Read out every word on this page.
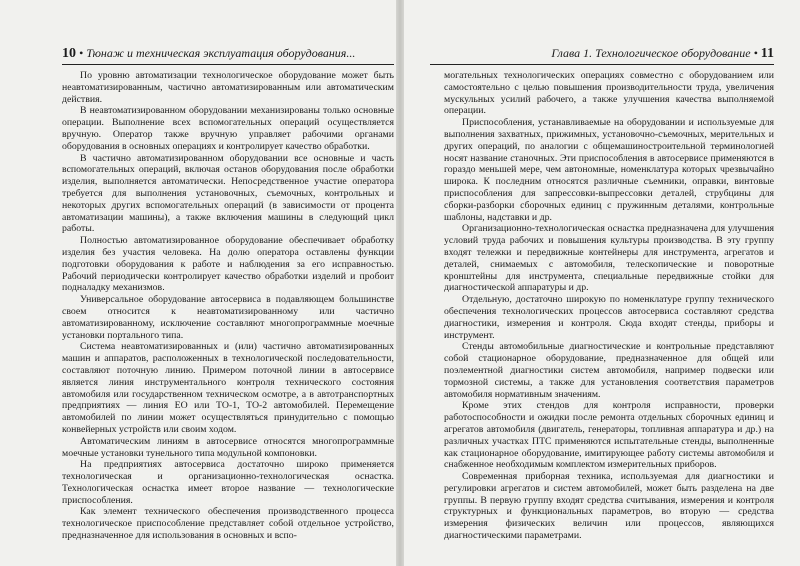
10 • Тюнаж и техническая эксплуатация оборудования...

По уровню автоматизации технологическое оборудование может быть неавтоматизированным, частично автоматизированным или автоматическим действия.

В неавтоматизированном оборудовании механизированы только основные операции. Выполнение всех вспомогательных операций осуществляется вручную. Оператор также вручную управляет рабочими органами оборудования в основных операциях и контролирует качество обработки.

В частично автоматизированном оборудовании все основные и часть вспомогательных операций, включая останов оборудования после обработки изделия, выполняется автоматически. Непосредственное участие оператора требуется для выполнения установочных, съемочных, контрольных и некоторых других вспомогательных операций (в зависимости от процента автоматизации машины), а также включения машины в следующий цикл работы.

Полностью автоматизированное оборудование обеспечивает обработку изделия без участия человека. На долю оператора оставлены функции подготовки оборудования к работе и наблюдения за его исправностью. Рабочий периодически контролирует качество обработки изделий и пробоит подналадку механизмов.

Универсальное оборудование автосервиса в подавляющем большинстве своем относится к неавтоматизированному или частично автоматизированному, исключение составляют многопрограммные моечные установки портального типа.

Система неавтоматизированных и (или) частично автоматизированных машин и аппаратов, расположенных в технологической последовательности, составляют поточную линию. Примером поточной линии в автосервисе является линия инструментального контроля технического состояния автомобиля или государственном техническом осмотре, а в автотранспортных предприятиях — линия ЕО или ТО-1, ТО-2 автомобилей. Перемещение автомобилей по линии может осуществляться принудительно с помощью конвейерных устройств или своим ходом.

Автоматическим линиям в автосервисе относятся многопрограммные моечные установки тунельного типа модульной компоновки.

На предприятиях автосервиса достаточно широко применяется технологическая и организационно-технологическая оснастка. Технологическая оснастка имеет второе название — технологические приспособления.

Как элемент технического обеспечения производственного процесса технологическое приспособление представляет собой отдельное устройство, предназначенное для использования в основных и вспо-

Глава 1. Технологическое оборудование • 11

могательных технологических операциях совместно с оборудованием или самостоятельно с целью повышения производительности труда, увеличения мускульных усилий рабочего, а также улучшения качества выполняемой операции.

Приспособления, устанавливаемые на оборудовании и используемые для выполнения захватных, прижимных, установочно-съемочных, мерительных и других операций, по аналогии с общемашиностроительной терминологией носят название станочных. Эти приспособления в автосервисе применяются в гораздо меньшей мере, чем автономные, номенклатура которых чрезвычайно широка. К последним относятся различные съемники, оправки, винтовые приспособления для запрессовки-выпрессовки деталей, струбцины для сборки-разборки сборочных единиц с пружинным деталями, контрольные шаблоны, надставки и др.

Организационно-технологическая оснастка предназначена для улучшения условий труда рабочих и повышения культуры производства. В эту группу входят тележки и передвижные контейнеры для инструмента, агрегатов и деталей, снимаемых с автомобиля, телескопические и поворотные кронштейны для инструмента, специальные передвижные стойки для диагностической аппаратуры и др.

Отдельную, достаточно широкую по номенклатуре группу технического обеспечения технологических процессов автосервиса составляют средства диагностики, измерения и контроля. Сюда входят стенды, приборы и инструмент.

Стенды автомобильные диагностические и контрольные представляют собой стационарное оборудование, предназначенное для общей или поэлементной диагностики систем автомобиля, например подвески или тормозной системы, а также для установления соответствия параметров автомобиля нормативным значениям.

Кроме этих стендов для контроля исправности, проверки работоспособности и ожидки после ремонта отдельных сборочных единиц и агрегатов автомобиля (двигатель, генераторы, топливная аппаратура и др.) на различных участках ПТС применяются испытательные стенды, выполненные как стационарное оборудование, имитирующее работу системы автомобиля и снабженное необходимым комплектом измерительных приборов.

Современная приборная техника, используемая для диагностики и регулировки агрегатов и систем автомобилей, может быть разделена на две группы. В первую группу входят средства считывания, измерения и контроля структурных и функциональных параметров, во вторую — средства измерения физических величин или процессов, являющихся диагностическими параметрами.
